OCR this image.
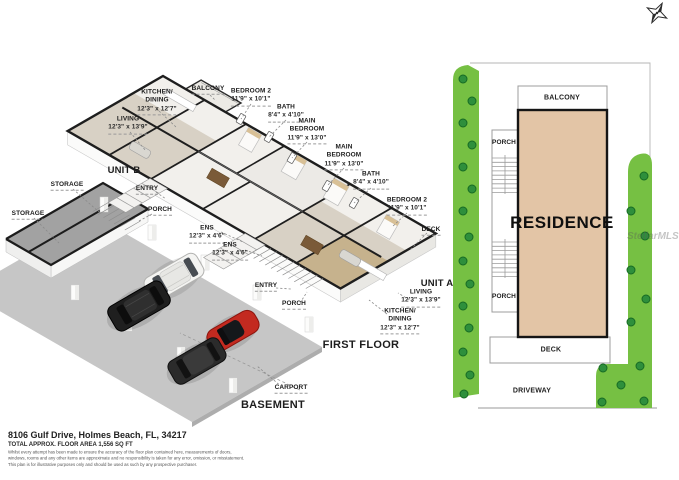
BALCONY BEDROOM 2
11'9" x 10'1"
KITCHEN/
DINING
12'3" x 12'7"
LIVING
12'3" x 13'9"
BATH
8'4" x 4'10"
MAIN
BEDROOM
11'9" x 13'0"
MAIN
BEDROOM
11'9" x 13'0"
BATH
8'4" x 4'10"
BEDROOM 2
11'9" x 10'1"
DECK
UNIT B
ENTRY
PORCH
STORAGE
STORAGE
ENS
12'3" x 4'6"
ENS
12'3" x 4'6"
ENTRY
PORCH
UNIT A
LIVING
12'3" x 13'9"
KITCHEN/
DINING
12'3" x 12'7"
FIRST FLOOR
CARPORT
BASEMENT
BALCONY
PORCH
RESIDENCE
PORCH
DECK
DRIVEWAY
StellarMLS
8106 Gulf Drive, Holmes Beach, FL, 34217
TOTAL APPROX. FLOOR AREA 1,556 SQ FT
Whilst every attempt has been made to ensure the accuracy of the floor plan contained here, measurements of doors,
windows, rooms and any other items are approximate and no responsibility is taken for any error, omission, or misstatement.
This plan is for illustrative purposes only and should be used as such by any prospective purchaser.
